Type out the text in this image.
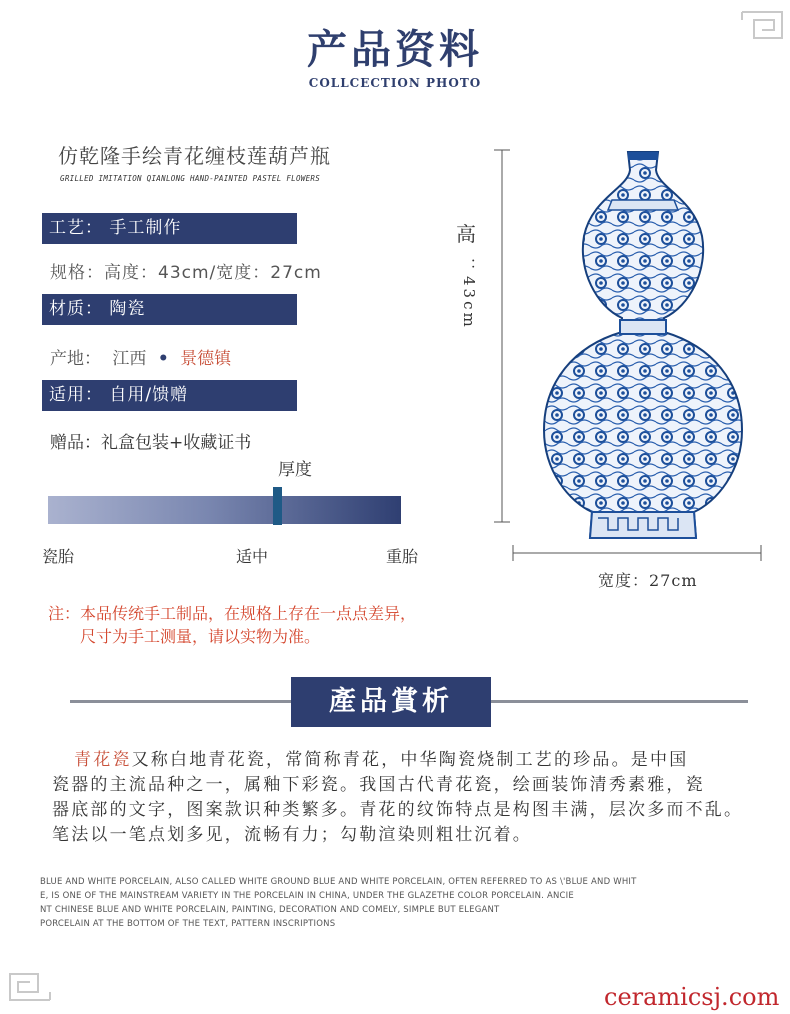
产品资料
COLLCECTION PHOTO
仿乾隆手绘青花缠枝莲葫芦瓶
GRILLED IMITATION QIANLONG HAND-PAINTED PASTEL FLOWERS
工艺： 手工制作
规格：高度：43cm/宽度：27cm
材质： 陶瓷
产地： 江西 • 景德镇
适用： 自用/馈赠
赠品：礼盒包装+收藏证书
厚度
瓷胎	适中	重胎
注：本品传统手工制品，在规格上存在一点点差异，
尺寸为手工测量，请以实物为准。
高
：43cm
宽度：27cm
產品賞析
青花瓷又称白地青花瓷，常简称青花，中华陶瓷烧制工艺的珍品。是中国
瓷器的主流品种之一，属釉下彩瓷。我国古代青花瓷，绘画装饰清秀素雅，瓷
器底部的文字，图案款识种类繁多。青花的纹饰特点是构图丰满，层次多而不乱。
笔法以一笔点划多见，流畅有力；勾勒渲染则粗壮沉着。
BLUE AND WHITE PORCELAIN, ALSO CALLED WHITE GROUND BLUE AND WHITE PORCELAIN, OFTEN REFERRED TO AS \'BLUE AND WHIT
E, IS ONE OF THE MAINSTREAM VARIETY IN THE PORCELAIN IN CHINA, UNDER THE GLAZETHE COLOR PORCELAIN. ANCIE
NT CHINESE BLUE AND WHITE PORCELAIN, PAINTING, DECORATION AND COMELY, SIMPLE BUT ELEGANT
PORCELAIN AT THE BOTTOM OF THE TEXT, PATTERN INSCRIPTIONS
ceramicsj.com
